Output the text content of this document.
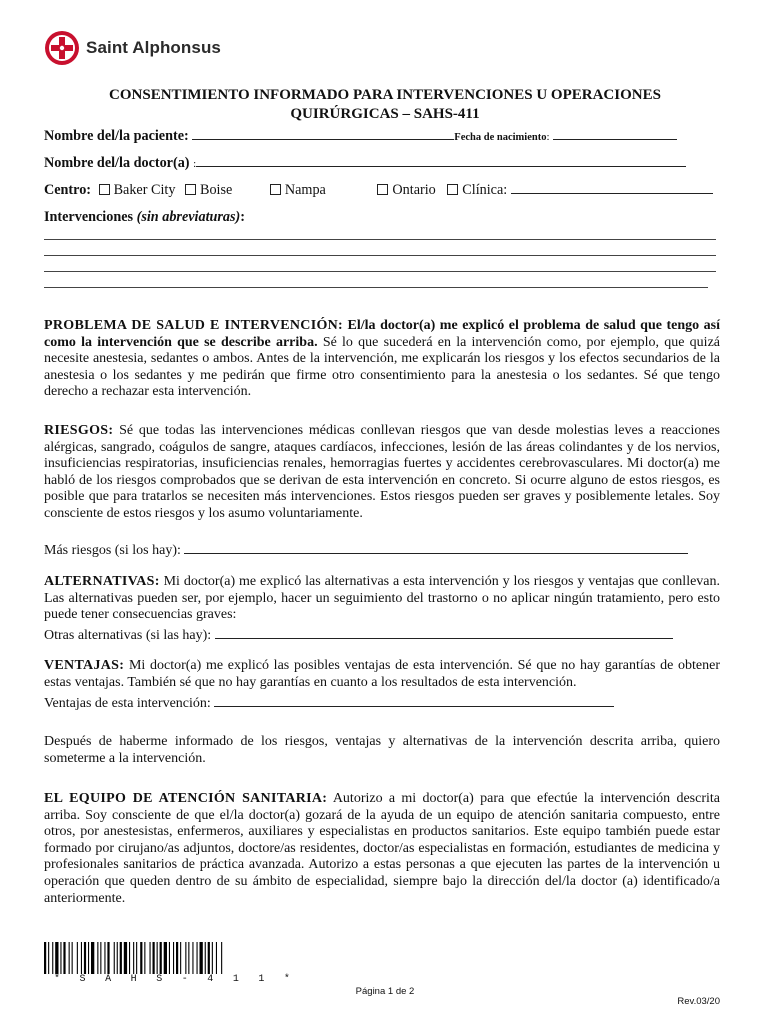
Saint Alphonsus
CONSENTIMIENTO INFORMADO PARA INTERVENCIONES U OPERACIONES
QUIRÚRGICAS – SAHS-411
Nombre del/la paciente:	Fecha de nacimiento:
Nombre del/la doctor(a) :
Centro: Baker City Boise	Nampa	Ontario Clínica:
Intervenciones (sin abreviaturas):
PROBLEMA DE SALUD E INTERVENCIÓN: El/la doctor(a) me explicó el problema de salud que tengo así como la intervención que se describe arriba. Sé lo que sucederá en la intervención como, por ejemplo, que quizá necesite anestesia, sedantes o ambos. Antes de la intervención, me explicarán los riesgos y los efectos secundarios de la anestesia o los sedantes y me pedirán que firme otro consentimiento para la anestesia o los sedantes. Sé que tengo derecho a rechazar esta intervención.
RIESGOS: Sé que todas las intervenciones médicas conllevan riesgos que van desde molestias leves a reacciones alérgicas, sangrado, coágulos de sangre, ataques cardíacos, infecciones, lesión de las áreas colindantes y de los nervios, insuficiencias respiratorias, insuficiencias renales, hemorragias fuertes y accidentes cerebrovasculares. Mi doctor(a) me habló de los riesgos comprobados que se derivan de esta intervención en concreto. Si ocurre alguno de estos riesgos, es posible que para tratarlos se necesiten más intervenciones. Estos riesgos pueden ser graves y posiblemente letales. Soy consciente de estos riesgos y los asumo voluntariamente.
Más riesgos (si los hay):
ALTERNATIVAS: Mi doctor(a) me explicó las alternativas a esta intervención y los riesgos y ventajas que conllevan. Las alternativas pueden ser, por ejemplo, hacer un seguimiento del trastorno o no aplicar ningún tratamiento, pero esto puede tener consecuencias graves:
Otras alternativas (si las hay):
VENTAJAS: Mi doctor(a) me explicó las posibles ventajas de esta intervención. Sé que no hay garantías de obtener estas ventajas. También sé que no hay garantías en cuanto a los resultados de esta intervención.
Ventajas de esta intervención:
Después de haberme informado de los riesgos, ventajas y alternativas de la intervención descrita arriba, quiero someterme a la intervención.
EL EQUIPO DE ATENCIÓN SANITARIA: Autorizo a mi doctor(a) para que efectúe la intervención descrita arriba. Soy consciente de que el/la doctor(a) gozará de la ayuda de un equipo de atención sanitaria compuesto, entre otros, por anestesistas, enfermeros, auxiliares y especialistas en productos sanitarios. Este equipo también puede estar formado por cirujano/as adjuntos, doctore/as residentes, doctor/as especialistas en formación, estudiantes de medicina y profesionales sanitarios de práctica avanzada. Autorizo a estas personas a que ejecuten las partes de la intervención u operación que queden dentro de su ámbito de especialidad, siempre bajo la dirección del/la doctor (a) identificado/a anteriormente.
* S A H S - 4 1 1 *
Página 1 de 2
Rev.03/20
